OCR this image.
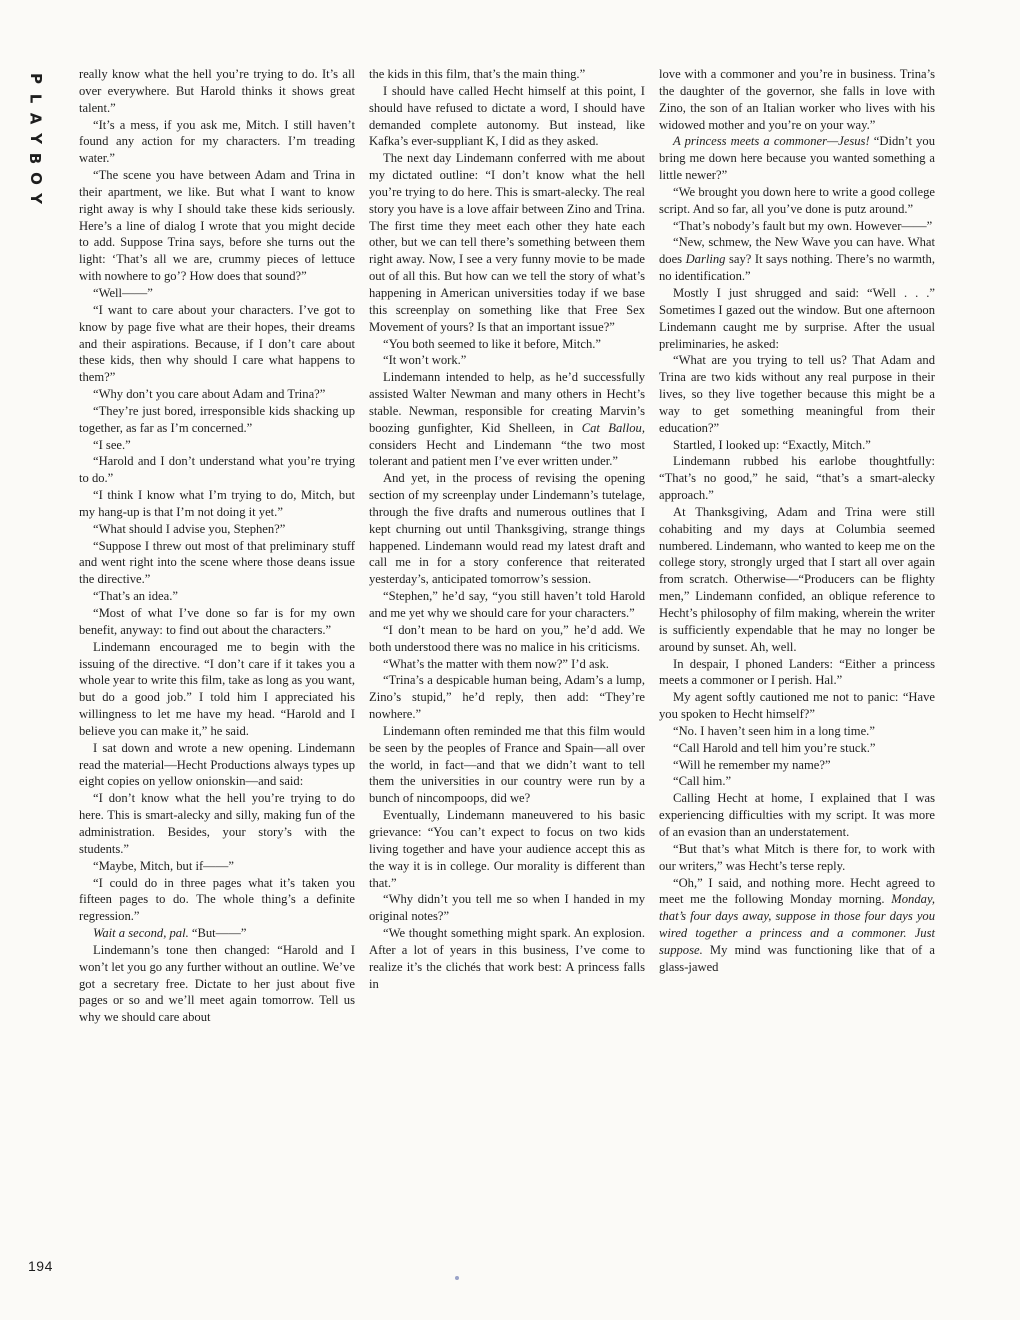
P
L
A
Y
B
O
Y

really know what the hell you’re trying to do. It’s all over everywhere. But Harold thinks it shows great talent.”

“It’s a mess, if you ask me, Mitch. I still haven’t found any action for my characters. I’m treading water.”

“The scene you have between Adam and Trina in their apartment, we like. But what I want to know right away is why I should take these kids seriously. Here’s a line of dialog I wrote that you might decide to add. Suppose Trina says, before she turns out the light: ‘That’s all we are, crummy pieces of lettuce with nowhere to go’? How does that sound?”

“Well——”

“I want to care about your characters. I’ve got to know by page five what are their hopes, their dreams and their aspirations. Because, if I don’t care about these kids, then why should I care what happens to them?”

“Why don’t you care about Adam and Trina?”

“They’re just bored, irresponsible kids shacking up together, as far as I’m concerned.”

“I see.”

“Harold and I don’t understand what you’re trying to do.”

“I think I know what I’m trying to do, Mitch, but my hang-up is that I’m not doing it yet.”

“What should I advise you, Stephen?”

“Suppose I threw out most of that preliminary stuff and went right into the scene where those deans issue the directive.”

“That’s an idea.”

“Most of what I’ve done so far is for my own benefit, anyway: to find out about the characters.”

Lindemann encouraged me to begin with the issuing of the directive. “I don’t care if it takes you a whole year to write this film, take as long as you want, but do a good job.” I told him I appreciated his willingness to let me have my head. “Harold and I believe you can make it,” he said.

I sat down and wrote a new opening. Lindemann read the material—Hecht Productions always types up eight copies on yellow onionskin—and said:

“I don’t know what the hell you’re trying to do here. This is smart-alecky and silly, making fun of the administration. Besides, your story’s with the students.”

“Maybe, Mitch, but if——”

“I could do in three pages what it’s taken you fifteen pages to do. The whole thing’s a definite regression.”

Wait a second, pal. “But——”

Lindemann’s tone then changed: “Harold and I won’t let you go any further without an outline. We’ve got a secretary free. Dictate to her just about five pages or so and we’ll meet again tomorrow. Tell us why we should care about

the kids in this film, that’s the main thing.”

I should have called Hecht himself at this point, I should have refused to dictate a word, I should have demanded complete autonomy. But instead, like Kafka’s ever-suppliant K, I did as they asked.

The next day Lindemann conferred with me about my dictated outline: “I don’t know what the hell you’re trying to do here. This is smart-alecky. The real story you have is a love affair between Zino and Trina. The first time they meet each other they hate each other, but we can tell there’s something between them right away. Now, I see a very funny movie to be made out of all this. But how can we tell the story of what’s happening in American universities today if we base this screenplay on something like that Free Sex Movement of yours? Is that an important issue?”

“You both seemed to like it before, Mitch.”

“It won’t work.”

Lindemann intended to help, as he’d successfully assisted Walter Newman and many others in Hecht’s stable. Newman, responsible for creating Marvin’s boozing gunfighter, Kid Shelleen, in Cat Ballou, considers Hecht and Lindemann “the two most tolerant and patient men I’ve ever written under.”

And yet, in the process of revising the opening section of my screenplay under Lindemann’s tutelage, through the five drafts and numerous outlines that I kept churning out until Thanksgiving, strange things happened. Lindemann would read my latest draft and call me in for a story conference that reiterated yesterday’s, anticipated tomorrow’s session.

“Stephen,” he’d say, “you still haven’t told Harold and me yet why we should care for your characters.”

“I don’t mean to be hard on you,” he’d add. We both understood there was no malice in his criticisms.

“What’s the matter with them now?” I’d ask.

“Trina’s a despicable human being, Adam’s a lump, Zino’s stupid,” he’d reply, then add: “They’re nowhere.”

Lindemann often reminded me that this film would be seen by the peoples of France and Spain—all over the world, in fact—and that we didn’t want to tell them the universities in our country were run by a bunch of nincompoops, did we?

Eventually, Lindemann maneuvered to his basic grievance: “You can’t expect to focus on two kids living together and have your audience accept this as the way it is in college. Our morality is different than that.”

“Why didn’t you tell me so when I handed in my original notes?”

“We thought something might spark. An explosion. After a lot of years in this business, I’ve come to realize it’s the clichés that work best: A princess falls in

love with a commoner and you’re in business. Trina’s the daughter of the governor, she falls in love with Zino, the son of an Italian worker who lives with his widowed mother and you’re on your way.”

A princess meets a commoner—Jesus! “Didn’t you bring me down here because you wanted something a little newer?”

“We brought you down here to write a good college script. And so far, all you’ve done is putz around.”

“That’s nobody’s fault but my own. However——”

“New, schmew, the New Wave you can have. What does Darling say? It says nothing. There’s no warmth, no identification.”

Mostly I just shrugged and said: “Well . . .” Sometimes I gazed out the window. But one afternoon Lindemann caught me by surprise. After the usual preliminaries, he asked:

“What are you trying to tell us? That Adam and Trina are two kids without any real purpose in their lives, so they live together because this might be a way to get something meaningful from their education?”

Startled, I looked up: “Exactly, Mitch.”

Lindemann rubbed his earlobe thoughtfully: “That’s no good,” he said, “that’s a smart-alecky approach.”

At Thanksgiving, Adam and Trina were still cohabiting and my days at Columbia seemed numbered. Lindemann, who wanted to keep me on the college story, strongly urged that I start all over again from scratch. Otherwise—“Producers can be flighty men,” Lindemann confided, an oblique reference to Hecht’s philosophy of film making, wherein the writer is sufficiently expendable that he may no longer be around by sunset. Ah, well.

In despair, I phoned Landers: “Either a princess meets a commoner or I perish. Hal.”

My agent softly cautioned me not to panic: “Have you spoken to Hecht himself?”

“No. I haven’t seen him in a long time.”

“Call Harold and tell him you’re stuck.”

“Will he remember my name?”

“Call him.”

Calling Hecht at home, I explained that I was experiencing difficulties with my script. It was more of an evasion than an understatement.

“But that’s what Mitch is there for, to work with our writers,” was Hecht’s terse reply.

“Oh,” I said, and nothing more. Hecht agreed to meet me the following Monday morning. Monday, that’s four days away, suppose in those four days you wired together a princess and a commoner. Just suppose. My mind was functioning like that of a glass-jawed

194
